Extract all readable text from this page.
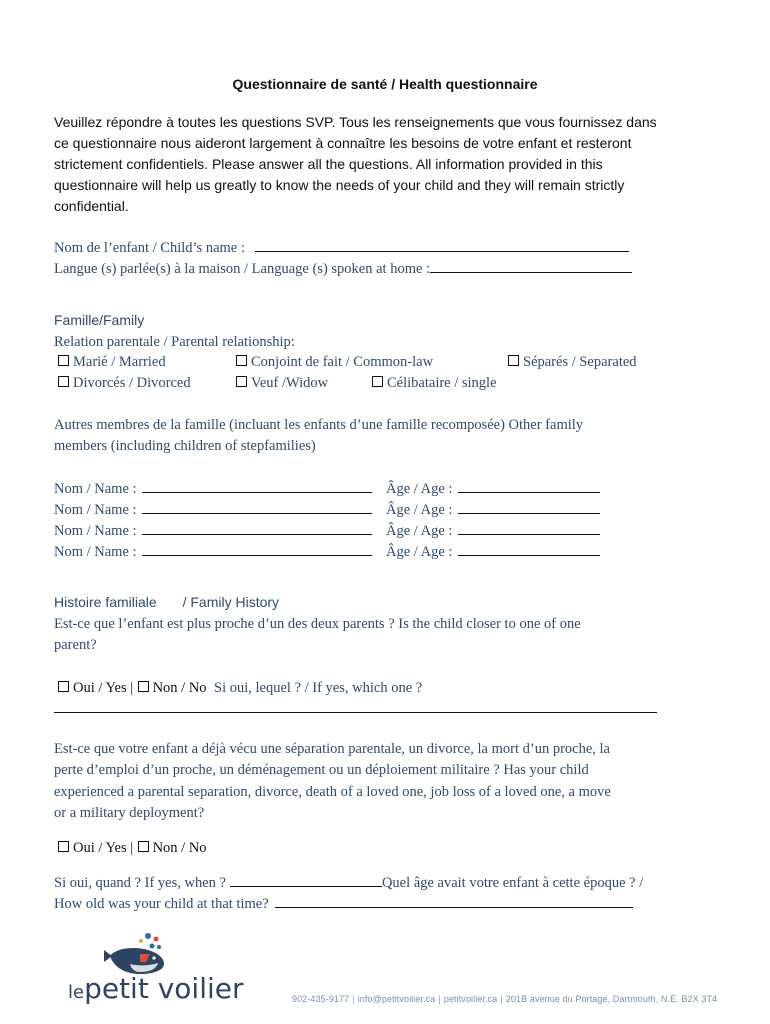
Questionnaire de santé / Health questionnaire
Veuillez répondre à toutes les questions SVP. Tous les renseignements que vous fournissez dans
ce questionnaire nous aideront largement à connaître les besoins de votre enfant et resteront
strictement confidentiels. Please answer all the questions. All information provided in this
questionnaire will help us greatly to know the needs of your child and they will remain strictly
confidential.
Nom de l’enfant / Child’s name :
Langue (s) parlée(s) à la maison / Language (s) spoken at home :
Famille/Family
Relation parentale / Parental relationship:
Marié / Married	Conjoint de fait / Common-law	Séparés / Separated
Divorcés / Divorced	Veuf /Widow	Célibataire / single
Autres membres de la famille (incluant les enfants d’une famille recomposée) Other family
members (including children of stepfamilies)
Nom / Name :	Âge / Age :
Nom / Name :	Âge / Age :
Nom / Name :	Âge / Age :
Nom / Name :	Âge / Age :
Histoire familiale / Family History
Est-ce que l’enfant est plus proche d’un des deux parents ? Is the child closer to one of one
parent?
Oui / Yes | Non / No Si oui, lequel ? / If yes, which one ?
Est-ce que votre enfant a déjà vécu une séparation parentale, un divorce, la mort d’un proche, la
perte d’emploi d’un proche, un déménagement ou un déploiement militaire ? Has your child
experienced a parental separation, divorce, death of a loved one, job loss of a loved one, a move
or a military deployment?
Oui / Yes | Non / No
Si oui, quand ? If yes, when ?	Quel âge avait votre enfant à cette époque ? /
How old was your child at that time?
lepetit voilier	902-435-9177 | info@petitvoilier.ca | petitvoilier.ca | 201B avenue du Portage, Dartmouth, N.É. B2X 3T4
